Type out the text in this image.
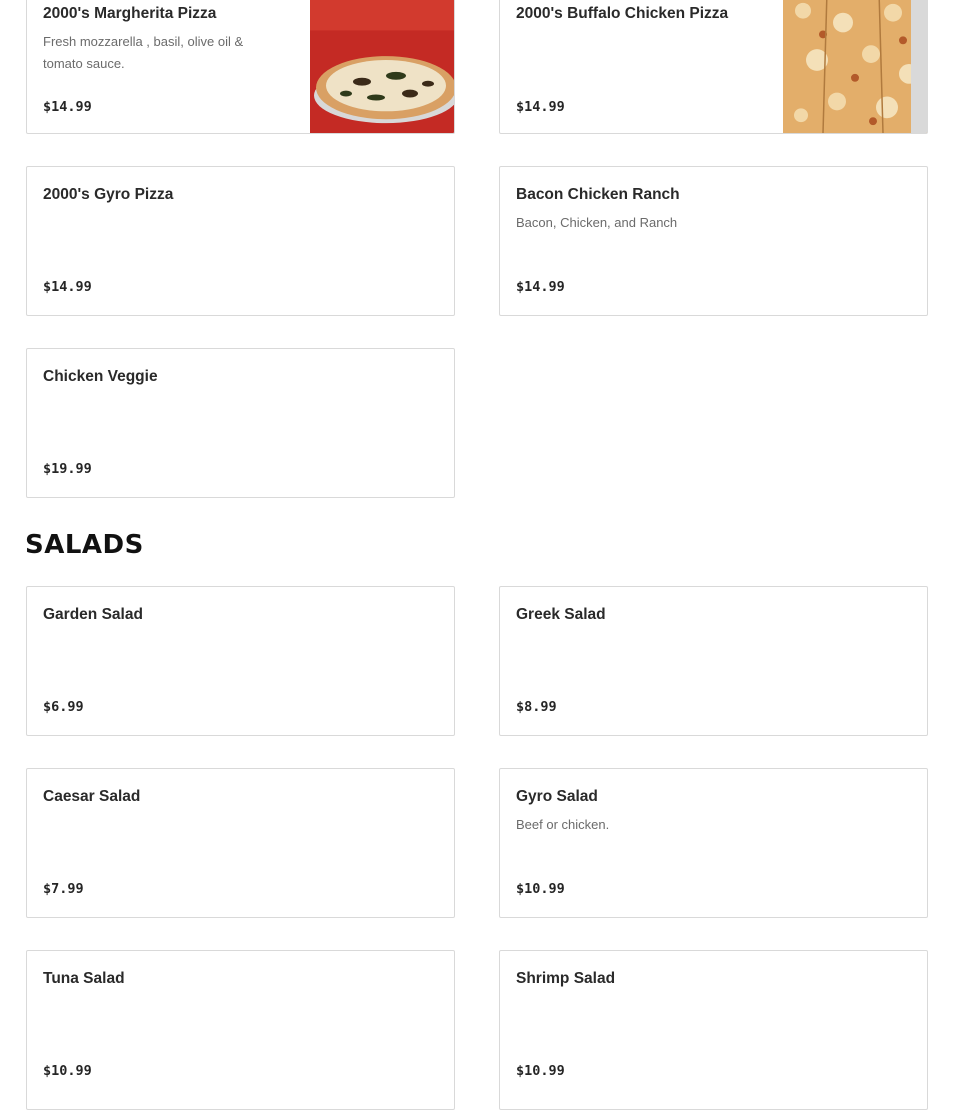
2000's Margherita Pizza
Fresh mozzarella , basil, olive oil & tomato sauce.
$14.99
2000's Buffalo Chicken Pizza
$14.99
2000's Gyro Pizza
$14.99
Bacon Chicken Ranch
Bacon, Chicken, and Ranch
$14.99
Chicken Veggie
$19.99
SALADS
Garden Salad
$6.99
Greek Salad
$8.99
Caesar Salad
$7.99
Gyro Salad
Beef or chicken.
$10.99
Tuna Salad
$10.99
Shrimp Salad
$10.99
